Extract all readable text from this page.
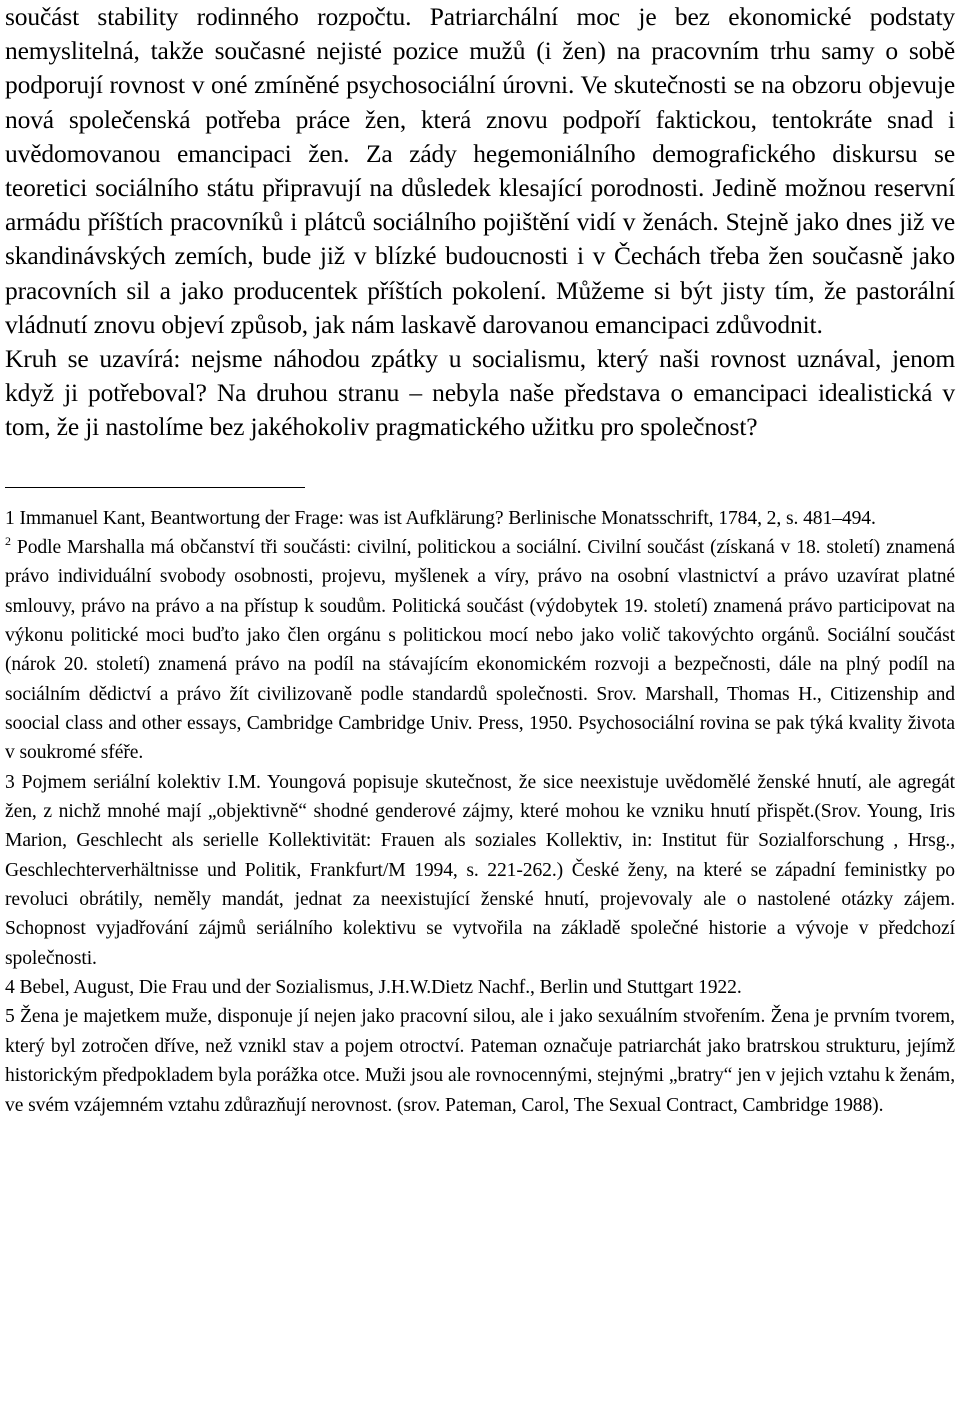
součást stability rodinného rozpočtu. Patriarchální moc je bez ekonomické podstaty nemyslitelná, takže současné nejisté pozice mužů (i žen) na pracovním trhu samy o sobě podporují rovnost v oné zmíněné psychosociální úrovni. Ve skutečnosti se na obzoru objevuje nová společenská potřeba práce žen, která znovu podpoří faktickou, tentokráte snad i uvědomovanou emancipaci žen. Za zády hegemoniálního demografického diskursu se teoretici sociálního státu připravují na důsledek klesající porodnosti. Jedině možnou reservní armádu příštích pracovníků i plátců sociálního pojištění vidí v ženách. Stejně jako dnes již ve skandinávských zemích, bude již v blízké budoucnosti i v Čechách třeba žen současně jako pracovních sil a jako producentek příštích pokolení. Můžeme si být jisty tím, že pastorální vládnutí znovu objeví způsob, jak nám laskavě darovanou emancipaci zdůvodnit.

Kruh se uzavírá: nejsme náhodou zpátky u socialismu, který naši rovnost uznával, jenom když ji potřeboval? Na druhou stranu – nebyla naše představa o emancipaci idealistická v tom, že ji nastolíme bez jakéhokoliv pragmatického užitku pro společnost?

1 Immanuel Kant, Beantwortung der Frage: was ist Aufklärung? Berlinische Monatsschrift, 1784, 2, s. 481–494.

$^2$ Podle Marshalla má občanství tři součásti: civilní, politickou a sociální. Civilní součást (získaná v 18. století) znamená právo individuální svobody osobnosti, projevu, myšlenek a víry, právo na osobní vlastnictví a právo uzavírat platné smlouvy, právo na právo a na přístup k soudům. Politická součást (výdobytek 19. století) znamená právo participovat na výkonu politické moci buďto jako člen orgánu s politickou mocí nebo jako volič takovýchto orgánů. Sociální součást (nárok 20. století) znamená právo na podíl na stávajícím ekonomickém rozvoji a bezpečnosti, dále na plný podíl na sociálním dědictví a právo žít civilizovaně podle standardů společnosti. Srov. Marshall, Thomas H., Citizenship and soocial class and other essays, Cambridge Cambridge Univ. Press, 1950. Psychosociální rovina se pak týká kvality života v soukromé sféře.

3 Pojmem seriální kolektiv I.M. Youngová popisuje skutečnost, že sice neexistuje uvědomělé ženské hnutí, ale agregát žen, z nichž mnohé mají „objektivně“ shodné genderové zájmy, které mohou ke vzniku hnutí přispět.(Srov. Young, Iris Marion, Geschlecht als serielle Kollektivität: Frauen als soziales Kollektiv, in: Institut für Sozialforschung , Hrsg., Geschlechterverhältnisse und Politik, Frankfurt/M 1994, s. 221-262.) České ženy, na které se západní feministky po revoluci obrátily, neměly mandát, jednat za neexistující ženské hnutí, projevovaly ale o nastolené otázky zájem. Schopnost vyjadřování zájmů seriálního kolektivu se vytvořila na základě společné historie a vývoje v předchozí společnosti.

4 Bebel, August, Die Frau und der Sozialismus, J.H.W.Dietz Nachf., Berlin und Stuttgart 1922.

5 Žena je majetkem muže, disponuje jí nejen jako pracovní silou, ale i jako sexuálním stvořením. Žena je prvním tvorem, který byl zotročen dříve, než vznikl stav a pojem otroctví. Pateman označuje patriarchát jako bratrskou strukturu, jejímž historickým předpokladem byla porážka otce. Muži jsou ale rovnocennými, stejnými „bratry“ jen v jejich vztahu k ženám, ve svém vzájemném vztahu zdůrazňují nerovnost. (srov. Pateman, Carol, The Sexual Contract, Cambridge 1988).
